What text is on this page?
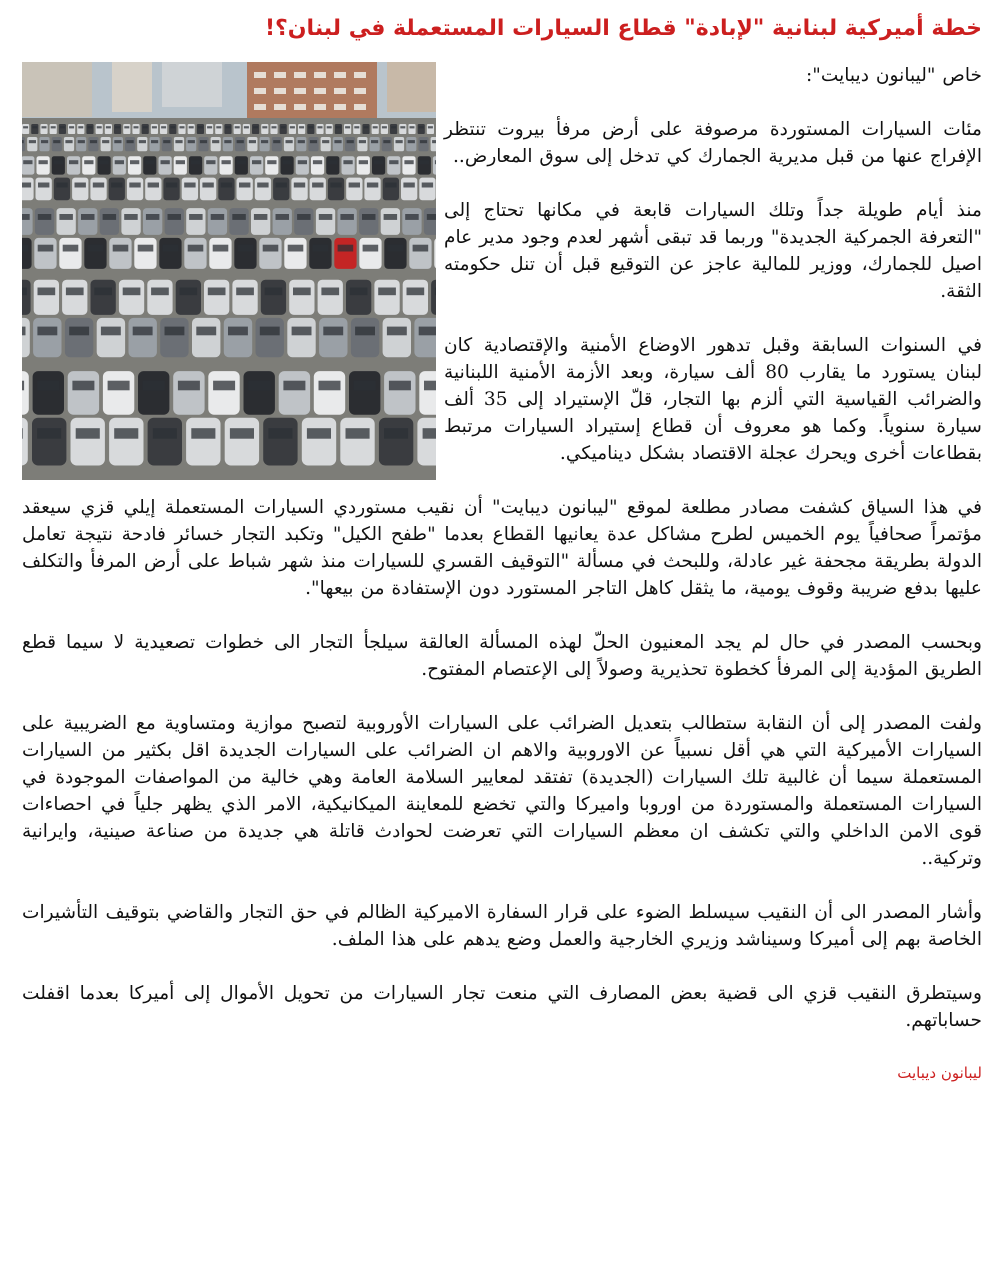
خطة أميركية لبنانية "لإبادة" قطاع السيارات المستعملة في لبنان؟!

خاص "ليبانون ديبايت":

مئات السيارات المستوردة مرصوفة على أرض مرفأ بيروت تنتظر الإفراج عنها من قبل مديرية الجمارك كي تدخل إلى سوق المعارض..

منذ أيام طويلة جداً وتلك السيارات قابعة في مكانها تحتاج إلى "التعرفة الجمركية الجديدة" وربما قد تبقى أشهر لعدم وجود مدير عام اصيل للجمارك، ووزير للمالية عاجز عن التوقيع قبل أن تنل حكومته الثقة.

في السنوات السابقة وقبل تدهور الاوضاع الأمنية والإقتصادية كان لبنان يستورد ما يقارب 80 ألف سيارة، وبعد الأزمة الأمنية اللبنانية والضرائب القياسية التي ألزم بها التجار، قلّ الإستيراد إلى 35 ألف سيارة سنوياً. وكما هو معروف أن قطاع إستيراد السيارات مرتبط بقطاعات أخرى ويحرك عجلة الاقتصاد بشكل ديناميكي.

في هذا السياق كشفت مصادر مطلعة لموقع "ليبانون ديبايت" أن نقيب مستوردي السيارات المستعملة إيلي قزي سيعقد مؤتمراً صحافياً يوم الخميس لطرح مشاكل عدة يعانيها القطاع بعدما "طفح الكيل" وتكبد التجار خسائر فادحة نتيجة تعامل الدولة بطريقة مجحفة غير عادلة، وللبحث في مسألة "التوقيف القسري للسيارات منذ شهر شباط على أرض المرفأ والتكلف عليها بدفع ضريبة وقوف يومية، ما يثقل كاهل التاجر المستورد دون الإستفادة من بيعها".

وبحسب المصدر في حال لم يجد المعنيون الحلّ لهذه المسألة العالقة سيلجأ التجار الى خطوات تصعيدية لا سيما قطع الطريق المؤدية إلى المرفأ كخطوة تحذيرية وصولاً إلى الإعتصام المفتوح.

ولفت المصدر إلى أن النقابة ستطالب بتعديل الضرائب على السيارات الأوروبية لتصبح موازية ومتساوية مع الضريبية على السيارات الأميركية التي هي أقل نسبياً عن الاوروبية والاهم ان الضرائب على السيارات الجديدة اقل بكثير من السيارات المستعملة سيما أن غالبية تلك السيارات (الجديدة) تفتقد لمعايير السلامة العامة وهي خالية من المواصفات الموجودة في السيارات المستعملة والمستوردة من اوروبا واميركا والتي تخضع للمعاينة الميكانيكية، الامر الذي يظهر جلياً في احصاءات قوى الامن الداخلي والتي تكشف ان معظم السيارات التي تعرضت لحوادث قاتلة هي جديدة من صناعة صينية، وايرانية وتركية..

وأشار المصدر الى أن النقيب سيسلط الضوء على قرار السفارة الاميركية الظالم في حق التجار والقاضي بتوقيف التأشيرات الخاصة بهم إلى أميركا وسيناشد وزيري الخارجية والعمل وضع يدهم على هذا الملف.

وسيتطرق النقيب قزي الى قضية بعض المصارف التي منعت تجار السيارات من تحويل الأموال إلى أميركا بعدما اقفلت حساباتهم.

ليبانون ديبايت
